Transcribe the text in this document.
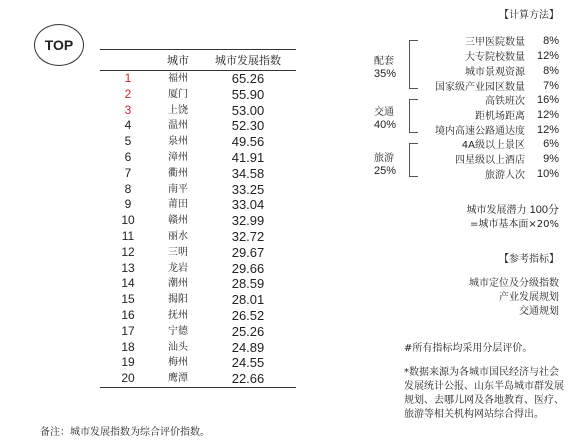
TOP
	城市	城市发展指数
1	福州	65.26
2	厦门	55.90
3	上饶	53.00
4	温州	52.30
5	泉州	49.56
6	漳州	41.91
7	衢州	34.58
8	南平	33.25
9	莆田	33.04
10	赣州	32.99
11	丽水	32.72
12	三明	29.67
13	龙岩	29.66
14	潮州	28.59
15	揭阳	28.01
16	抚州	26.52
17	宁德	25.26
18	汕头	24.89
19	梅州	24.55
20	鹰潭	22.66
备注：城市发展指数为综合评价指数。
【计算方法】
配套
35%
三甲医院数量	8%
大专院校数量	12%
城市景观资源	8%
国家级产业园区数量	7%
交通
40%
高铁班次	16%
距机场距离	12%
境内高速公路通达度	12%
旅游
25%
4A级以上景区	6%
四星级以上酒店	9%
旅游人次	10%
城市发展潜力 100分
=城市基本面×20%
【参考指标】
城市定位及分级指数
产业发展规划
交通规划
#所有指标均采用分层评价。
*数据来源为各城市国民经济与社会发展统计公报、山东半岛城市群发展规划、去哪儿网及各地教育、医疗、旅游等相关机构网站综合得出。
